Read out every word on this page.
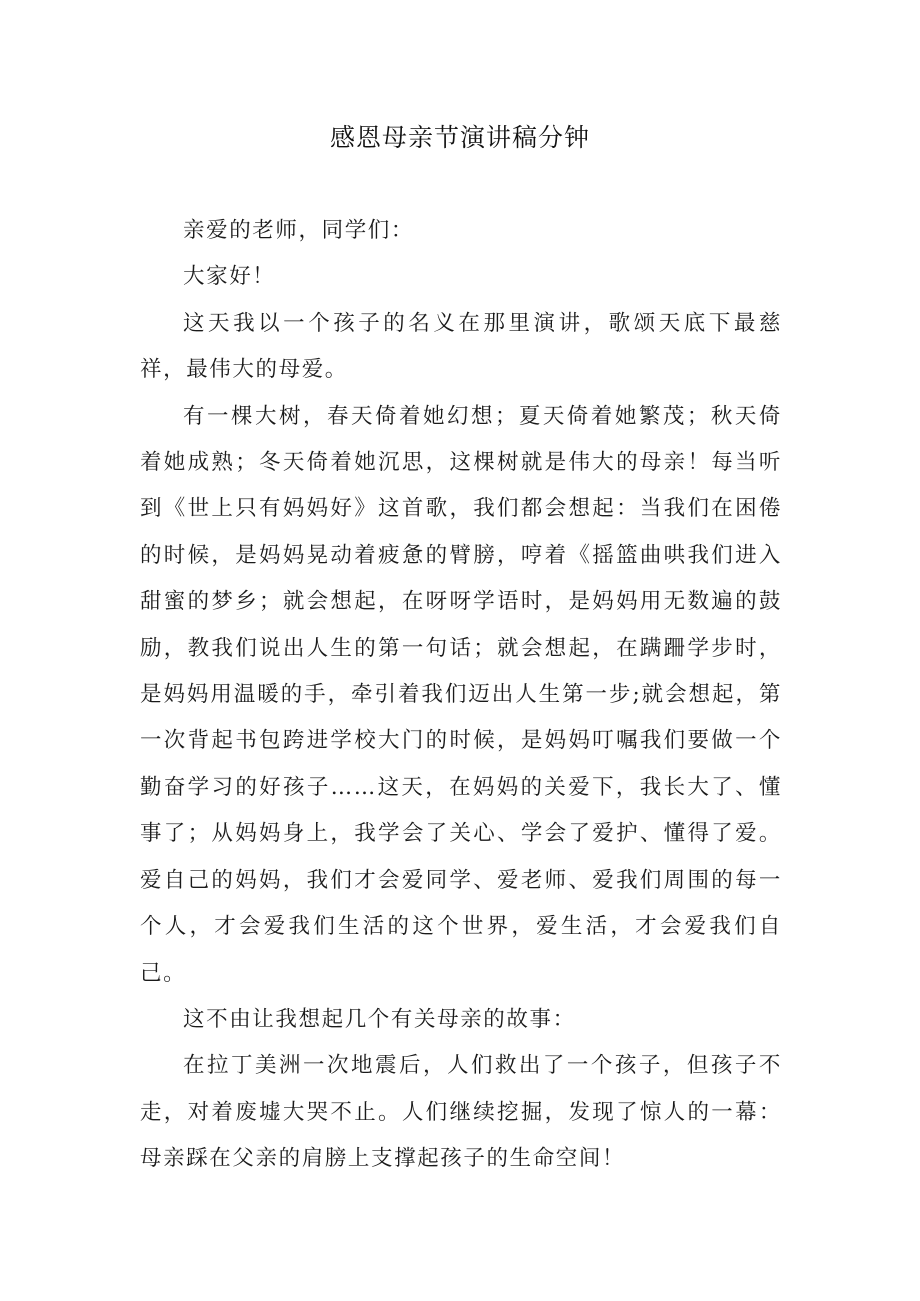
感恩母亲节演讲稿分钟

亲爱的老师，同学们：

大家好！

这天我以一个孩子的名义在那里演讲，歌颂天底下最慈祥，最伟大的母爱。

有一棵大树，春天倚着她幻想；夏天倚着她繁茂；秋天倚着她成熟；冬天倚着她沉思，这棵树就是伟大的母亲！每当听到《世上只有妈妈好》这首歌，我们都会想起：当我们在困倦的时候，是妈妈晃动着疲惫的臂膀，哼着《摇篮曲哄我们进入甜蜜的梦乡；就会想起，在呀呀学语时，是妈妈用无数遍的鼓励，教我们说出人生的第一句话；就会想起，在蹒跚学步时，是妈妈用温暖的手，牵引着我们迈出人生第一步;就会想起，第一次背起书包跨进学校大门的时候，是妈妈叮嘱我们要做一个勤奋学习的好孩子……这天，在妈妈的关爱下，我长大了、懂事了；从妈妈身上，我学会了关心、学会了爱护、懂得了爱。爱自己的妈妈，我们才会爱同学、爱老师、爱我们周围的每一个人，才会爱我们生活的这个世界，爱生活，才会爱我们自己。

这不由让我想起几个有关母亲的故事：

在拉丁美洲一次地震后，人们救出了一个孩子，但孩子不走，对着废墟大哭不止。人们继续挖掘，发现了惊人的一幕：母亲踩在父亲的肩膀上支撑起孩子的生命空间！
